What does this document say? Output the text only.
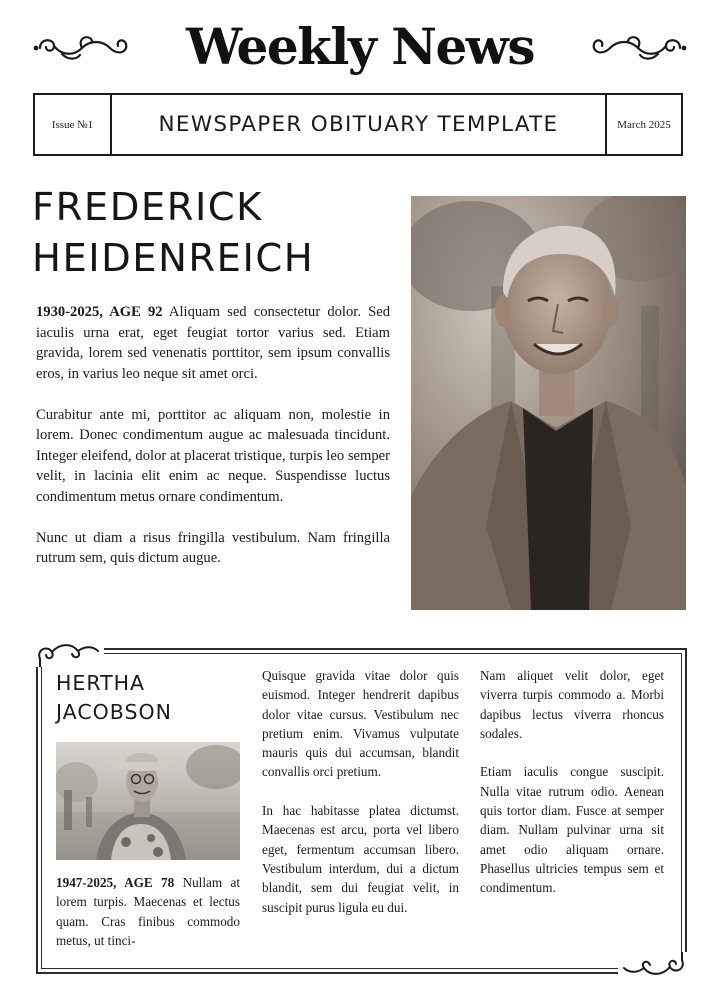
Weekly News
Issue №1	NEWSPAPER OBITUARY TEMPLATE	March 2025
FREDERICK
HEIDENREICH

1930-2025, AGE 92 Aliquam sed consectetur dolor. Sed iaculis urna erat, eget feugiat tortor varius sed. Etiam gravida, lorem sed venenatis porttitor, sem ipsum convallis eros, in varius leo neque sit amet orci.

Curabitur ante mi, porttitor ac aliquam non, molestie in lorem. Donec condimentum augue ac malesuada tincidunt. Integer eleifend, dolor at placerat tristique, turpis leo semper velit, in lacinia elit enim ac neque. Suspendisse luctus condimentum metus ornare condimentum.

Nunc ut diam a risus fringilla vestibulum. Nam fringilla rutrum sem, quis dictum augue.

HERTHA
JACOBSON

1947-2025, AGE 78 Nullam at lorem turpis. Maecenas et lectus quam. Cras finibus commodo metus, ut tinci-

Quisque gravida vitae dolor quis euismod. Integer hendrerit dapibus dolor vitae cursus. Vestibulum nec pretium enim. Vivamus vulputate mauris quis dui accumsan, blandit convallis orci pretium.

In hac habitasse platea dictumst. Maecenas est arcu, porta vel libero eget, fermentum accumsan libero. Vestibulum interdum, dui a dictum blandit, sem dui feugiat velit, in suscipit purus ligula eu dui.

Nam aliquet velit dolor, eget viverra turpis commodo a. Morbi dapibus lectus viverra rhoncus sodales.

Etiam iaculis congue suscipit. Nulla vitae rutrum odio. Aenean quis tortor diam. Fusce at semper diam. Nullam pulvinar urna sit amet odio aliquam ornare. Phasellus ultricies tempus sem et condimentum.
